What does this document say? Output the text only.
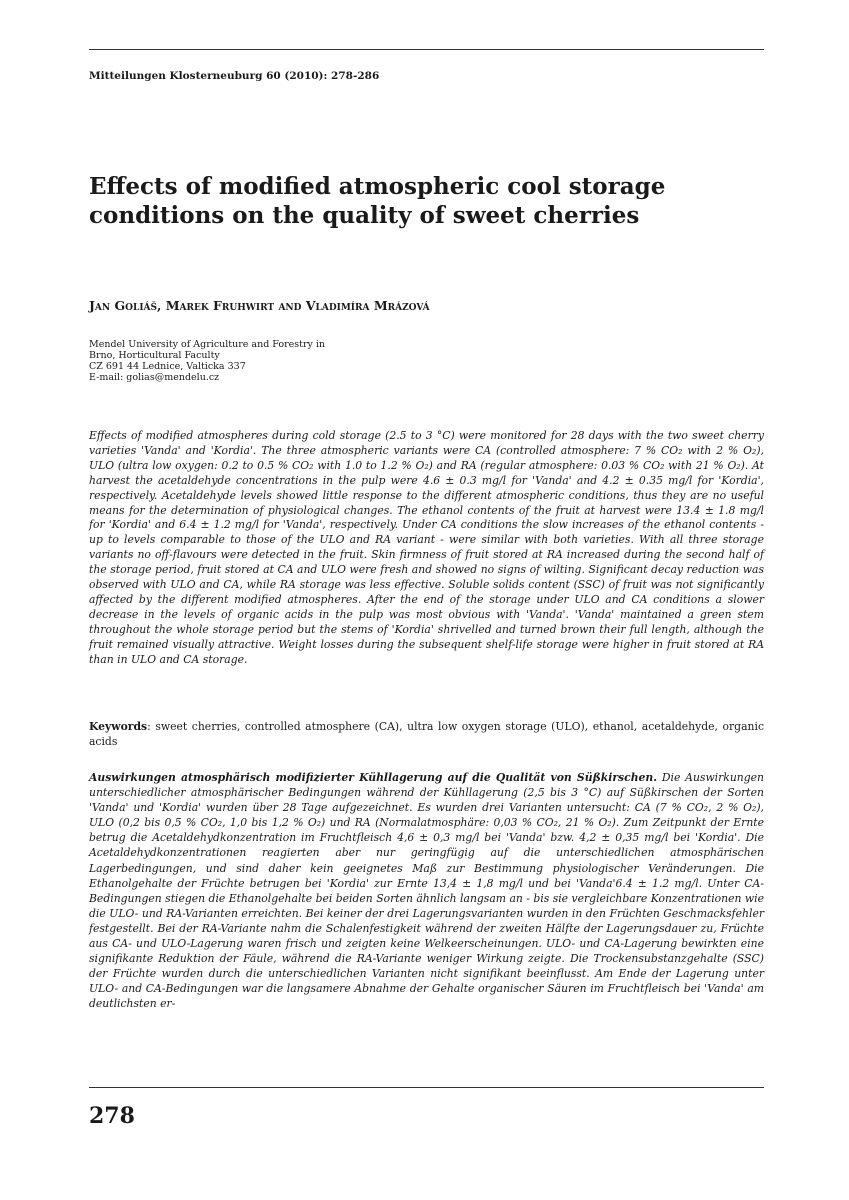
Mitteilungen Klosterneuburg 60 (2010): 278-286
Effects of modified atmospheric cool storage conditions on the quality of sweet cherries
Jan Goliáš, Marek Fruhwirt and Vladimíra Mrázová
Mendel University of Agriculture and Forestry in
Brno, Horticultural Faculty
CZ 691 44 Lednice, Valticka 337
E-mail: golias@mendelu.cz

Effects of modified atmospheres during cold storage (2.5 to 3 °C) were monitored for 28 days with the two sweet cherry varieties 'Vanda' and 'Kordia'. The three atmospheric variants were CA (controlled atmosphere: 7 % CO₂ with 2 % O₂), ULO (ultra low oxygen: 0.2 to 0.5 % CO₂ with 1.0 to 1.2 % O₂) and RA (regular atmosphere: 0.03 % CO₂ with 21 % O₂). At harvest the acetaldehyde concentrations in the pulp were 4.6 ± 0.3 mg/l for 'Vanda' and 4.2 ± 0.35 mg/l for 'Kordia', respectively. Acetaldehyde levels showed little response to the different atmospheric conditions, thus they are no useful means for the determination of physiological changes. The ethanol contents of the fruit at harvest were 13.4 ± 1.8 mg/l for 'Kordia' and 6.4 ± 1.2 mg/l for 'Vanda', respectively. Under CA conditions the slow increases of the ethanol contents - up to levels comparable to those of the ULO and RA variant - were similar with both varieties. With all three storage variants no off-flavours were detected in the fruit. Skin firmness of fruit stored at RA increased during the second half of the storage period, fruit stored at CA and ULO were fresh and showed no signs of wilting. Significant decay reduction was observed with ULO and CA, while RA storage was less effective. Soluble solids content (SSC) of fruit was not significantly affected by the different modified atmospheres. After the end of the storage under ULO and CA conditions a slower decrease in the levels of organic acids in the pulp was most obvious with 'Vanda'. 'Vanda' maintained a green stem throughout the whole storage period but the stems of 'Kordia' shrivelled and turned brown their full length, although the fruit remained visually attractive. Weight losses during the subsequent shelf-life storage were higher in fruit stored at RA than in ULO and CA storage.

Keywords: sweet cherries, controlled atmosphere (CA), ultra low oxygen storage (ULO), ethanol, acetaldehyde, organic acids

Auswirkungen atmosphärisch modifizierter Kühllagerung auf die Qualität von Süßkirschen. Die Auswirkungen unterschiedlicher atmosphärischer Bedingungen während der Kühllagerung (2,5 bis 3 °C) auf Süßkirschen der Sorten 'Vanda' und 'Kordia' wurden über 28 Tage aufgezeichnet. Es wurden drei Varianten untersucht: CA (7 % CO₂, 2 % O₂), ULO (0,2 bis 0,5 % CO₂, 1,0 bis 1,2 % O₂) und RA (Normalatmosphäre: 0,03 % CO₂, 21 % O₂). Zum Zeitpunkt der Ernte betrug die Acetaldehydkonzentration im Fruchtfleisch 4,6 ± 0,3 mg/l bei 'Vanda' bzw. 4,2 ± 0,35 mg/l bei 'Kordia'. Die Acetaldehydkonzentrationen reagierten aber nur geringfügig auf die unterschiedlichen atmosphärischen Lagerbedingungen, und sind daher kein geeignetes Maß zur Bestimmung physiologischer Veränderungen. Die Ethanolgehalte der Früchte betrugen bei 'Kordia' zur Ernte 13,4 ± 1,8 mg/l und bei 'Vanda'6.4 ± 1.2 mg/l. Unter CA-Bedingungen stiegen die Ethanolgehalte bei beiden Sorten ähnlich langsam an - bis sie vergleichbare Konzentrationen wie die ULO- und RA-Varianten erreichten. Bei keiner der drei Lagerungsvarianten wurden in den Früchten Geschmacksfehler festgestellt. Bei der RA-Variante nahm die Schalenfestigkeit während der zweiten Hälfte der Lagerungsdauer zu, Früchte aus CA- und ULO-Lagerung waren frisch und zeigten keine Welkeerscheinungen. ULO- und CA-Lagerung bewirkten eine signifikante Reduktion der Fäule, während die RA-Variante weniger Wirkung zeigte. Die Trockensubstanzgehalte (SSC) der Früchte wurden durch die unterschiedlichen Varianten nicht signifikant beeinflusst. Am Ende der Lagerung unter ULO- and CA-Bedingungen war die langsamere Abnahme der Gehalte organischer Säuren im Fruchtfleisch bei 'Vanda' am deutlichsten er-

278
